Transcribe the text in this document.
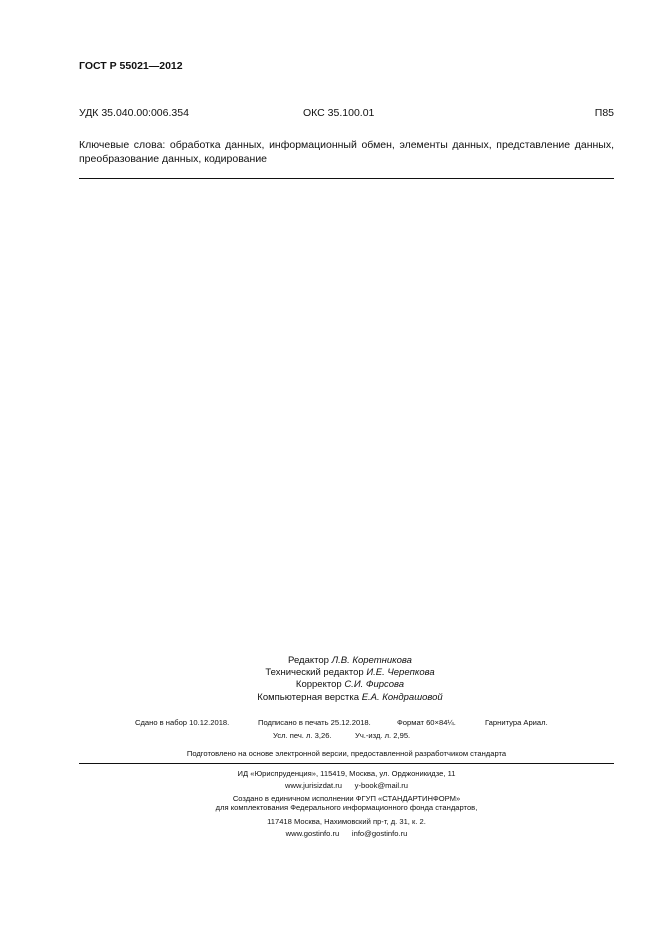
ГОСТ Р 55021—2012
УДК 35.040.00:006.354	ОКС 35.100.01	П85
Ключевые слова: обработка данных, информационный обмен, элементы данных, представление данных, преобразование данных, кодирование
Редактор Л.В. Коретникова
Технический редактор И.Е. Черепкова
Корректор С.И. Фирсова
Компьютерная верстка Е.А. Кондрашовой
Сдано в набор 10.12.2018.	Подписано в печать 25.12.2018.	Формат 60×84¼.	Гарнитура Ариал.
Усл. печ. л. 3,26.	Уч.-изд. л. 2,95.
Подготовлено на основе электронной версии, предоставленной разработчиком стандарта
ИД «Юриспруденция», 115419, Москва, ул. Орджоникидзе, 11
www.jurisizdat.ru      y-book@mail.ru
Создано в единичном исполнении ФГУП «СТАНДАРТИНФОРМ»
для комплектования Федерального информационного фонда стандартов,
117418 Москва, Нахимовский пр-т, д. 31, к. 2.
www.gostinfo.ru      info@gostinfo.ru
